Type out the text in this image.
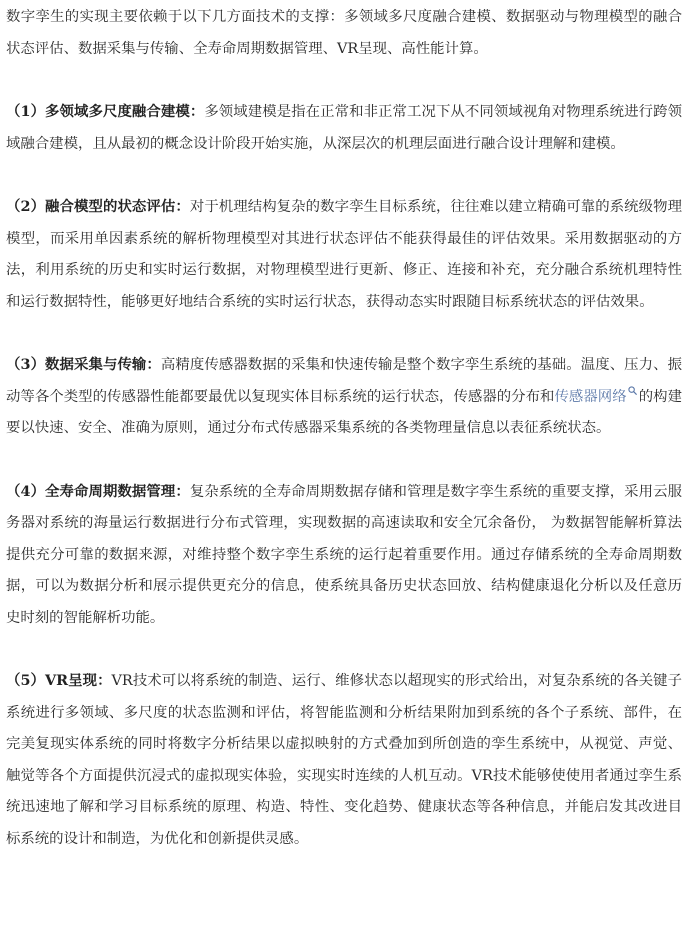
数字孪生的实现主要依赖于以下几方面技术的支撑：多领域多尺度融合建模、数据驱动与物理模型的融合状态评估、数据采集与传输、全寿命周期数据管理、VR呈现、高性能计算。

（1）多领域多尺度融合建模：多领域建模是指在正常和非正常工况下从不同领域视角对物理系统进行跨领域融合建模，且从最初的概念设计阶段开始实施，从深层次的机理层面进行融合设计理解和建模。

（2）融合模型的状态评估：对于机理结构复杂的数字孪生目标系统，往往难以建立精确可靠的系统级物理模型，而采用单因素系统的解析物理模型对其进行状态评估不能获得最佳的评估效果。采用数据驱动的方法，利用系统的历史和实时运行数据，对物理模型进行更新、修正、连接和补充，充分融合系统机理特性和运行数据特性，能够更好地结合系统的实时运行状态，获得动态实时跟随目标系统状态的评估效果。

（3）数据采集与传输：高精度传感器数据的采集和快速传输是整个数字孪生系统的基础。温度、压力、振动等各个类型的传感器性能都要最优以复现实体目标系统的运行状态，传感器的分布和传感器网络 的构建要以快速、安全、准确为原则，通过分布式传感器采集系统的各类物理量信息以表征系统状态。

（4）全寿命周期数据管理：复杂系统的全寿命周期数据存储和管理是数字孪生系统的重要支撑，采用云服务器对系统的海量运行数据进行分布式管理，实现数据的高速读取和安全冗余备份， 为数据智能解析算法提供充分可靠的数据来源，对维持整个数字孪生系统的运行起着重要作用。通过存储系统的全寿命周期数据，可以为数据分析和展示提供更充分的信息，使系统具备历史状态回放、结构健康退化分析以及任意历史时刻的智能解析功能。

（5）VR呈现：VR技术可以将系统的制造、运行、维修状态以超现实的形式给出，对复杂系统的各关键子系统进行多领域、多尺度的状态监测和评估，将智能监测和分析结果附加到系统的各个子系统、部件，在完美复现实体系统的同时将数字分析结果以虚拟映射的方式叠加到所创造的孪生系统中，从视觉、声觉、触觉等各个方面提供沉浸式的虚拟现实体验，实现实时连续的人机互动。VR技术能够使使用者通过孪生系统迅速地了解和学习目标系统的原理、构造、特性、变化趋势、健康状态等各种信息，并能启发其改进目标系统的设计和制造，为优化和创新提供灵感。
